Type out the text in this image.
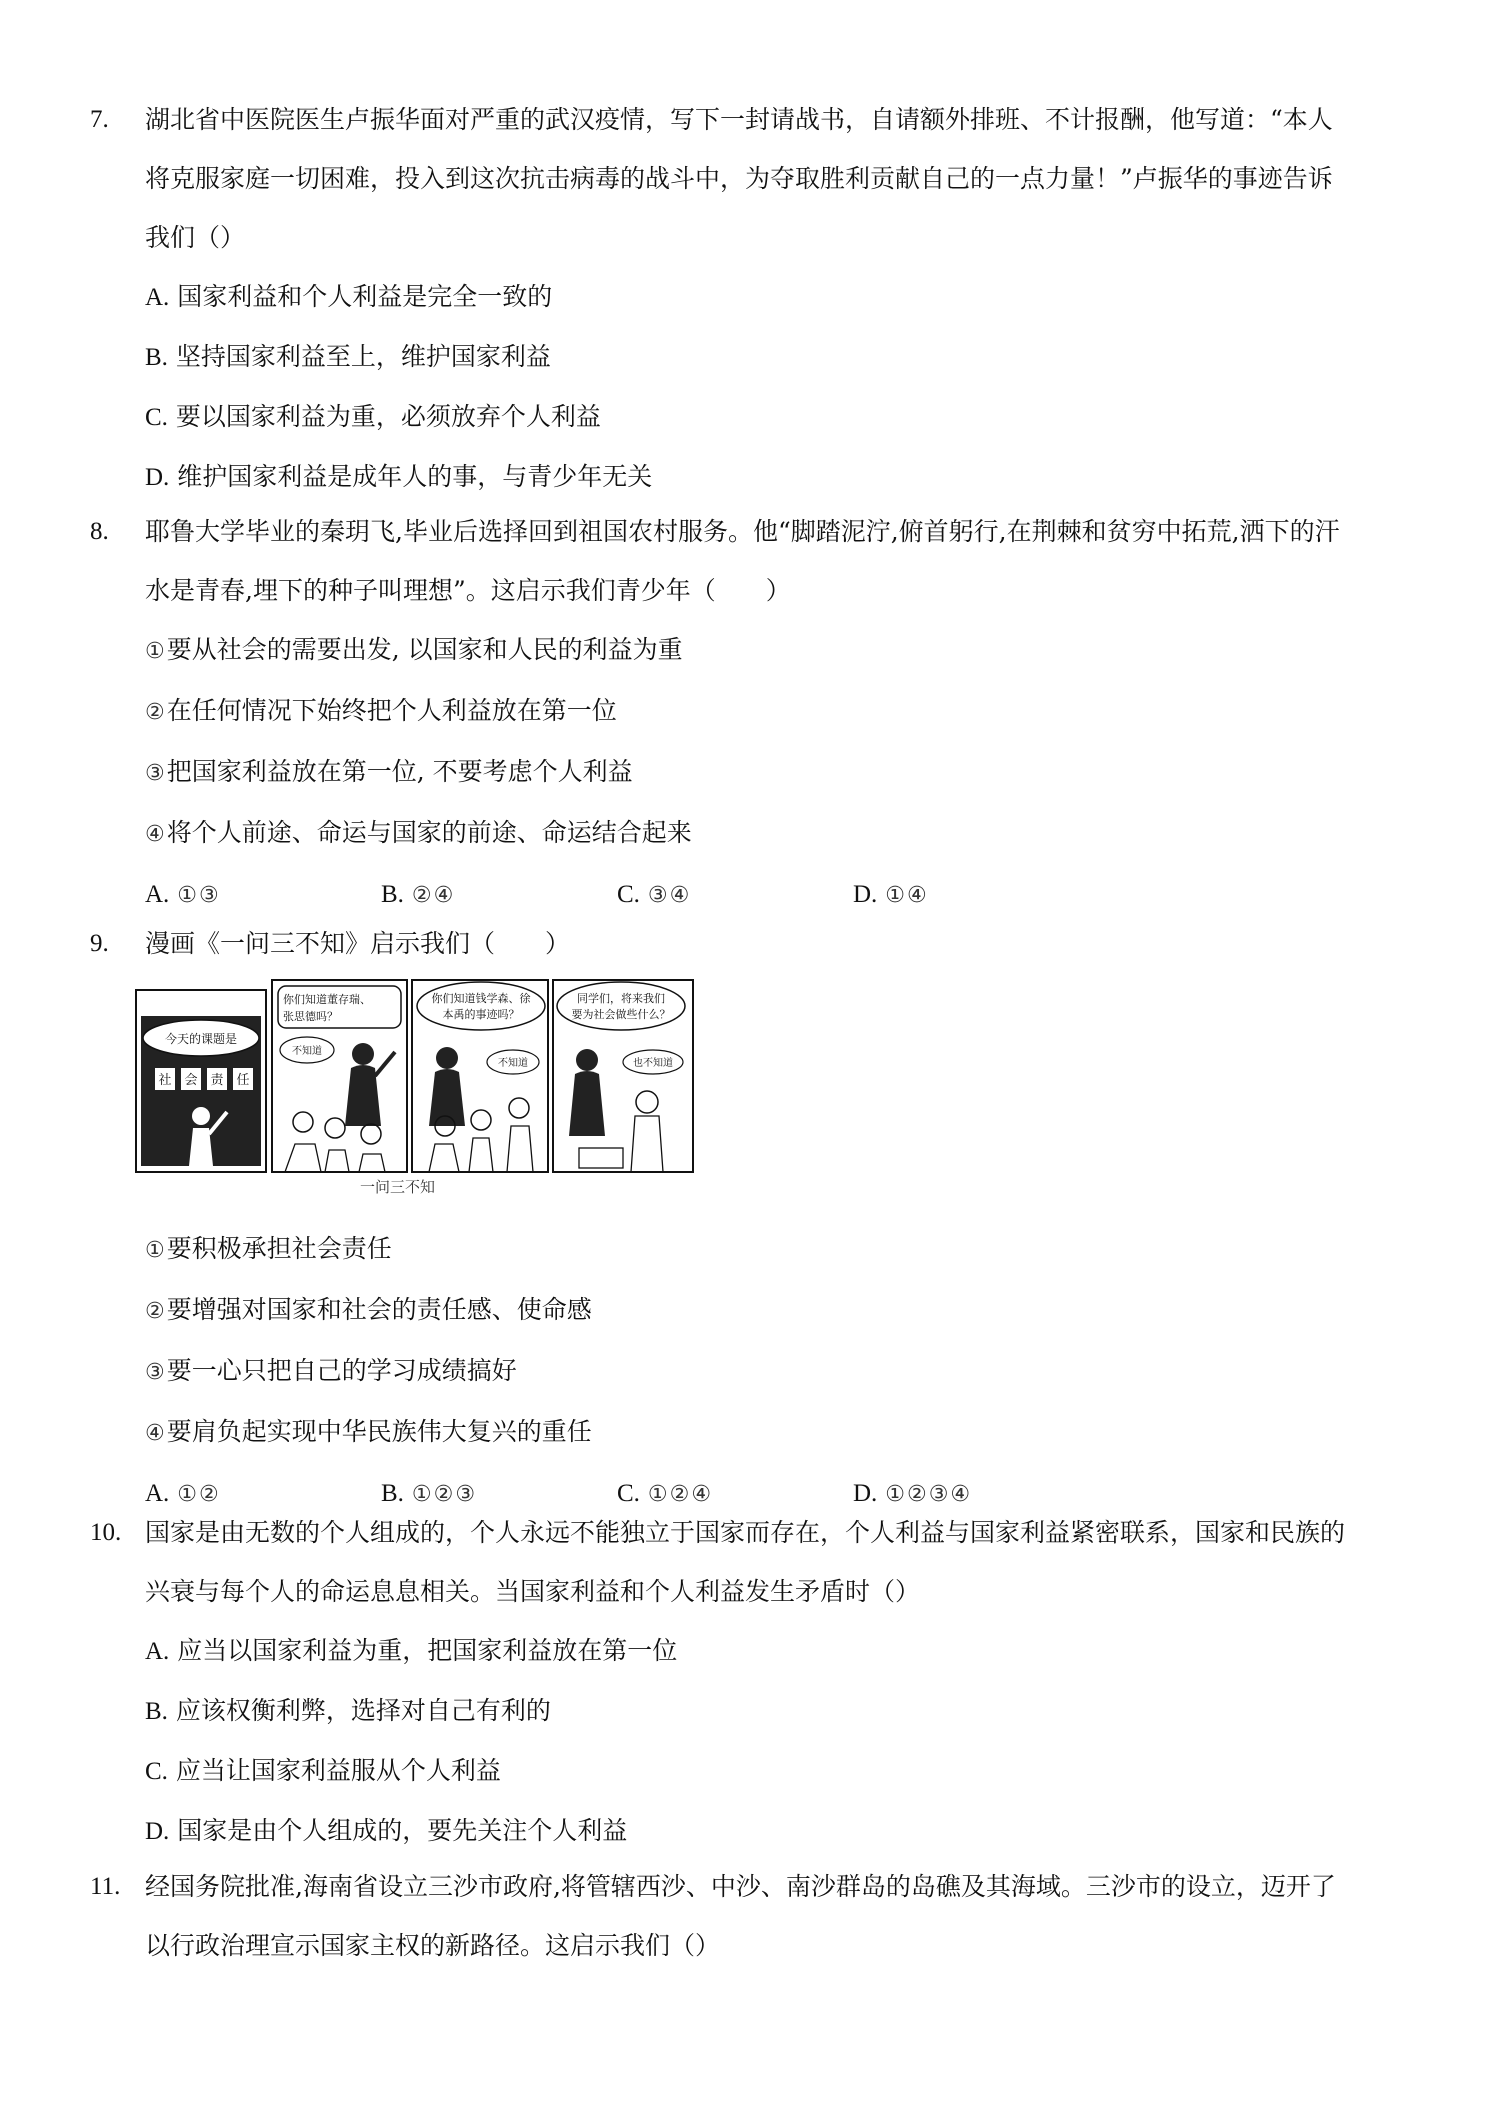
7.	湖北省中医院医生卢振华面对严重的武汉疫情，写下一封请战书，自请额外排班、不计报酬，他写道：“本人
将克服家庭一切困难，投入到这次抗击病毒的战斗中，为夺取胜利贡献自己的一点力量！”卢振华的事迹告诉
我们（）
A. 国家利益和个人利益是完全一致的
B. 坚持国家利益至上，维护国家利益
C. 要以国家利益为重，必须放弃个人利益
D. 维护国家利益是成年人的事，与青少年无关
8.	耶鲁大学毕业的秦玥飞,毕业后选择回到祖国农村服务。他“脚踏泥泞,俯首躬行,在荆棘和贫穷中拓荒,洒下的汗
水是青春,埋下的种子叫理想”。这启示我们青少年（　　）
①要从社会的需要出发, 以国家和人民的利益为重
②在任何情况下始终把个人利益放在第一位
③把国家利益放在第一位, 不要考虑个人利益
④将个人前途、命运与国家的前途、命运结合起来
A. ①③	B. ②④	C. ③④	D. ①④
9.	漫画《一问三不知》启示我们（　　）
今天的课题是
社 会 责 任
你们知道董存瑞、
张思德吗？
不知道
你们知道钱学森、徐
本禹的事迹吗？
不知道
同学们，将来我们
要为社会做些什么？
也不知道
一问三不知
①要积极承担社会责任
②要增强对国家和社会的责任感、使命感
③要一心只把自己的学习成绩搞好
④要肩负起实现中华民族伟大复兴的重任
A. ①②	B. ①②③	C. ①②④	D. ①②③④
10. 国家是由无数的个人组成的，个人永远不能独立于国家而存在，个人利益与国家利益紧密联系，国家和民族的
兴衰与每个人的命运息息相关。当国家利益和个人利益发生矛盾时（）
A. 应当以国家利益为重，把国家利益放在第一位
B. 应该权衡利弊，选择对自己有利的
C. 应当让国家利益服从个人利益
D. 国家是由个人组成的，要先关注个人利益
11. 经国务院批准,海南省设立三沙市政府,将管辖西沙、中沙、南沙群岛的岛礁及其海域。三沙市的设立，迈开了
以行政治理宣示国家主权的新路径。这启示我们（）
